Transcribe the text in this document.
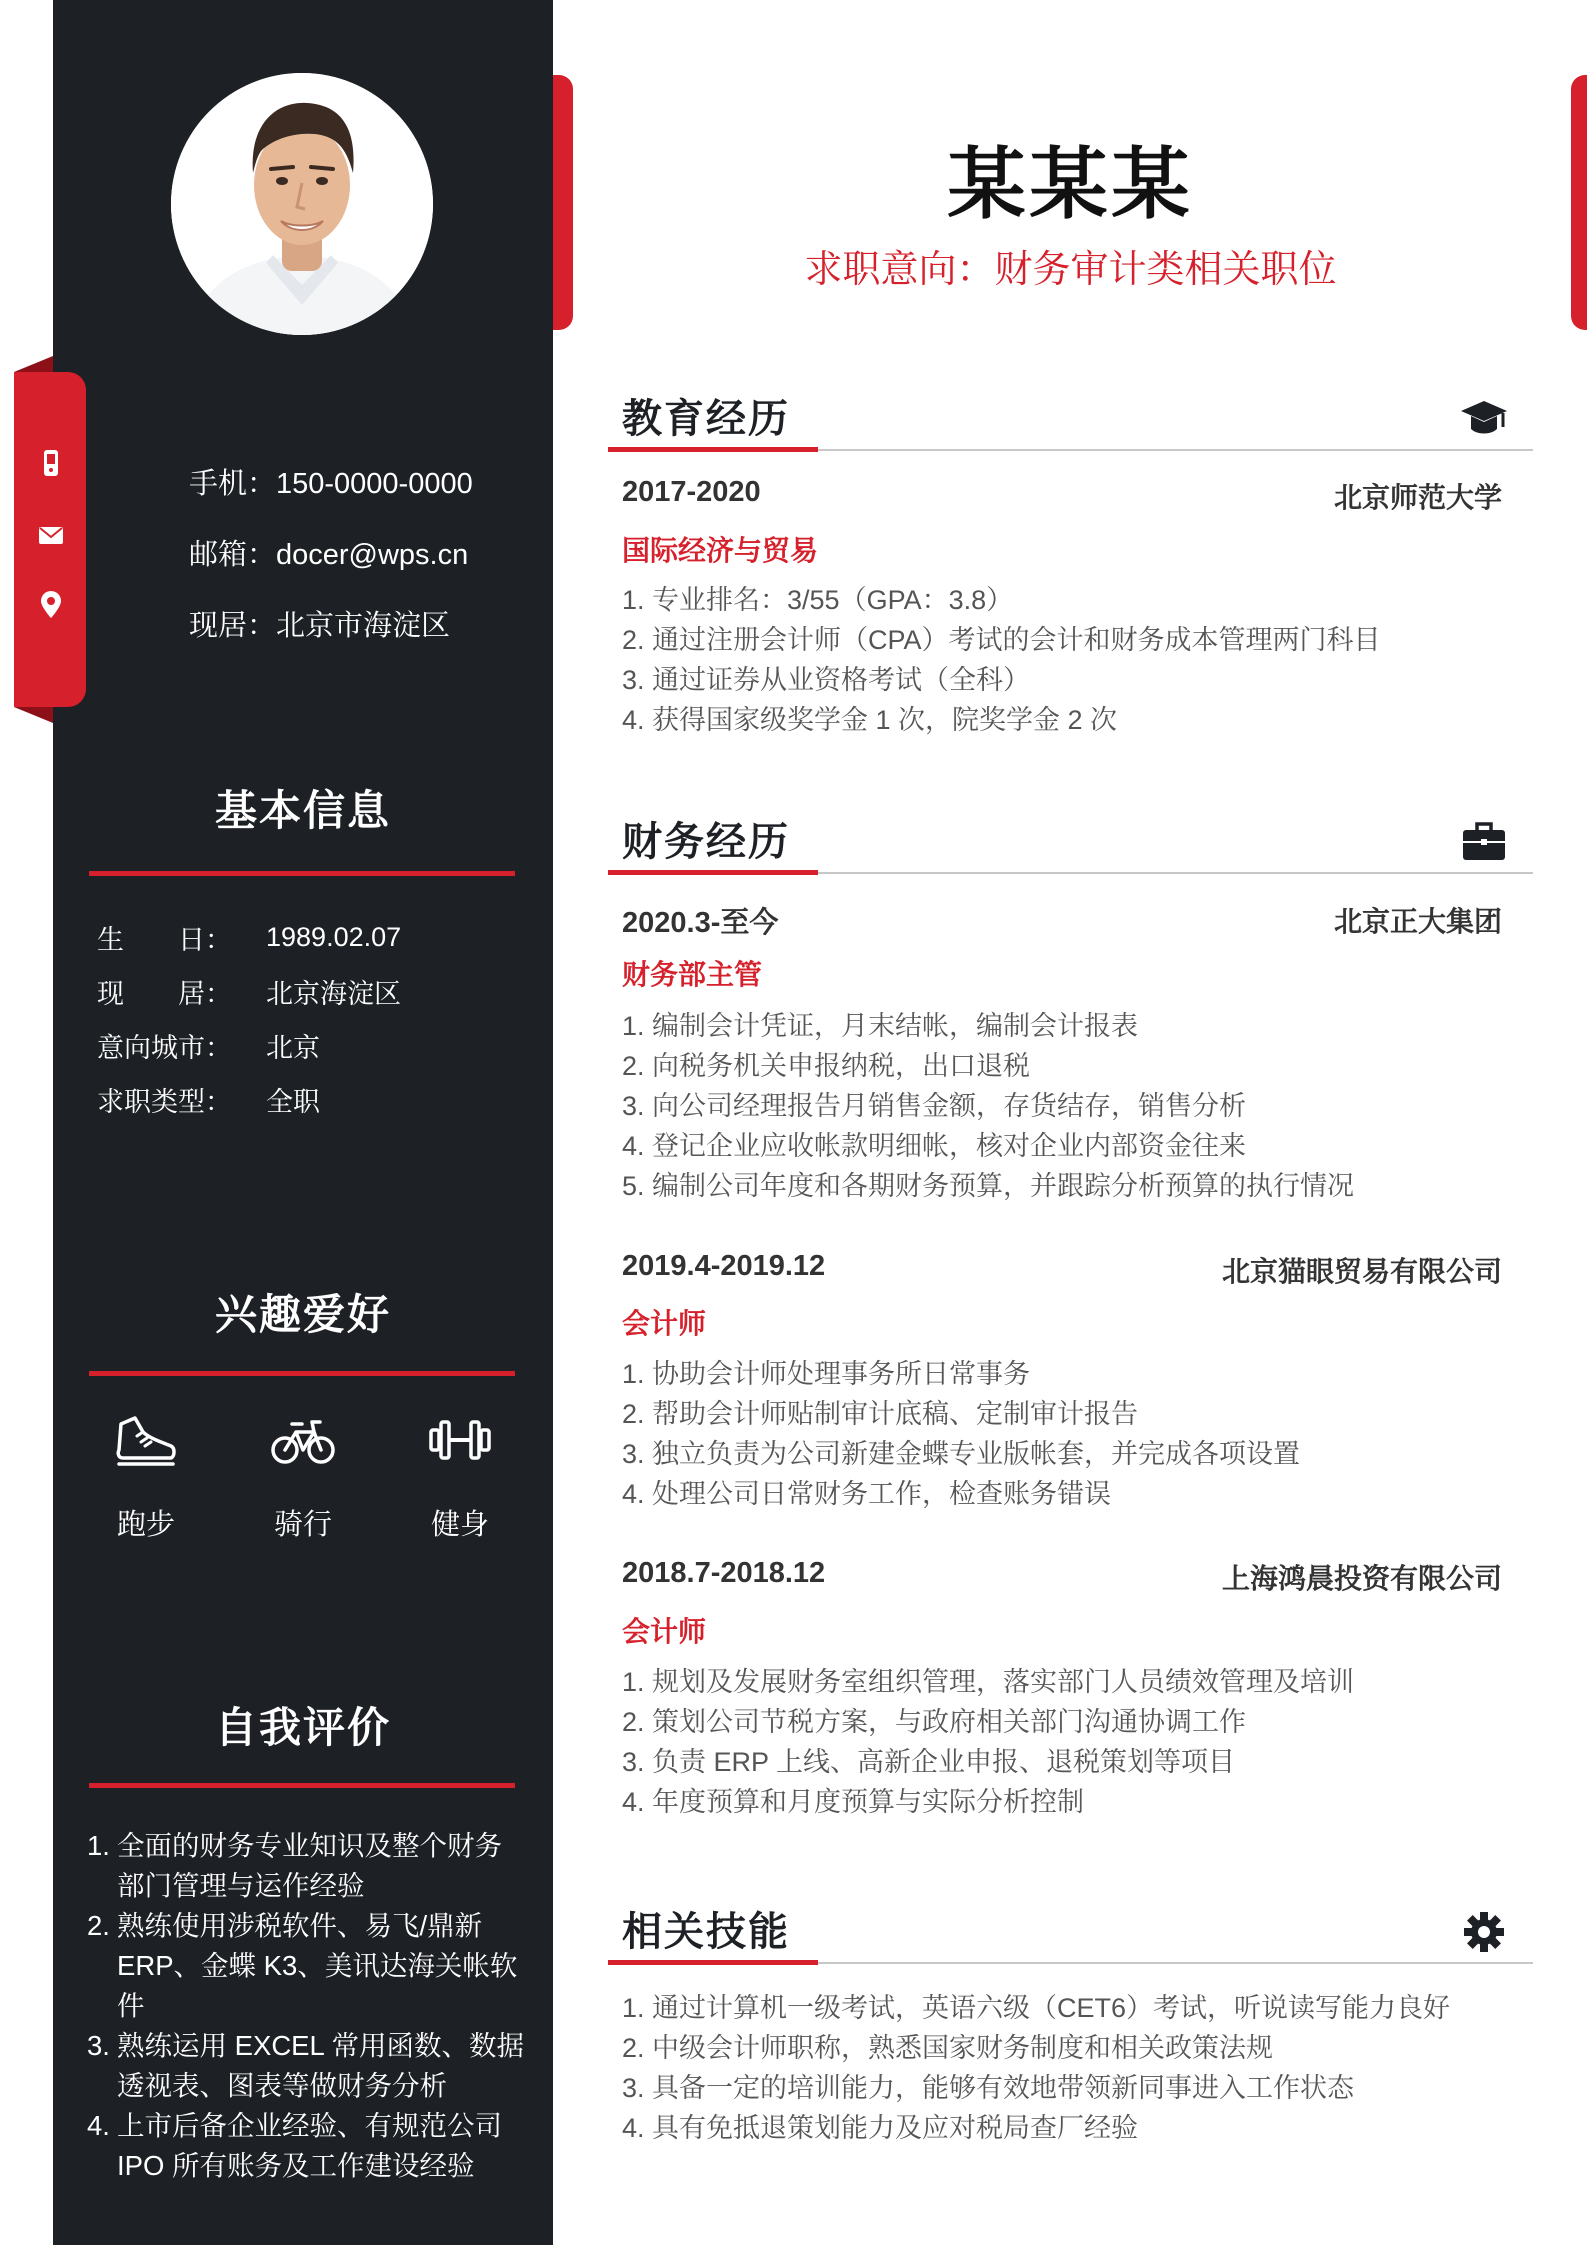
手机：150-0000-0000
邮箱：docer@wps.cn
现居：北京市海淀区
基本信息
生　　日：	1989.02.07
现　　居：	北京海淀区
意向城市：	北京
求职类型：	全职
兴趣爱好
跑步	骑行	健身
自我评价
1. 全面的财务专业知识及整个财务
部门管理与运作经验
2. 熟练使用涉税软件、易飞/鼎新
ERP、金蝶 K3、美讯达海关帐软件
3. 熟练运用 EXCEL 常用函数、数据
透视表、图表等做财务分析
4. 上市后备企业经验、有规范公司
IPO 所有账务及工作建设经验
某某某
求职意向：财务审计类相关职位
教育经历
2017-2020	北京师范大学
国际经济与贸易
1. 专业排名：3/55（GPA：3.8）
2. 通过注册会计师（CPA）考试的会计和财务成本管理两门科目
3. 通过证券从业资格考试（全科）
4. 获得国家级奖学金 1 次，院奖学金 2 次
财务经历
2020.3-至今	北京正大集团
财务部主管
1. 编制会计凭证，月末结帐，编制会计报表
2. 向税务机关申报纳税，出口退税
3. 向公司经理报告月销售金额，存货结存，销售分析
4. 登记企业应收帐款明细帐，核对企业内部资金往来
5. 编制公司年度和各期财务预算，并跟踪分析预算的执行情况
2019.4-2019.12	北京猫眼贸易有限公司
会计师
1. 协助会计师处理事务所日常事务
2. 帮助会计师贴制审计底稿、定制审计报告
3. 独立负责为公司新建金蝶专业版帐套，并完成各项设置
4. 处理公司日常财务工作，检查账务错误
2018.7-2018.12	上海鸿晨投资有限公司
会计师
1. 规划及发展财务室组织管理，落实部门人员绩效管理及培训
2. 策划公司节税方案，与政府相关部门沟通协调工作
3. 负责 ERP 上线、高新企业申报、退税策划等项目
4. 年度预算和月度预算与实际分析控制
相关技能
1. 通过计算机一级考试，英语六级（CET6）考试，听说读写能力良好
2. 中级会计师职称，熟悉国家财务制度和相关政策法规
3. 具备一定的培训能力，能够有效地带领新同事进入工作状态
4. 具有免抵退策划能力及应对税局查厂经验
